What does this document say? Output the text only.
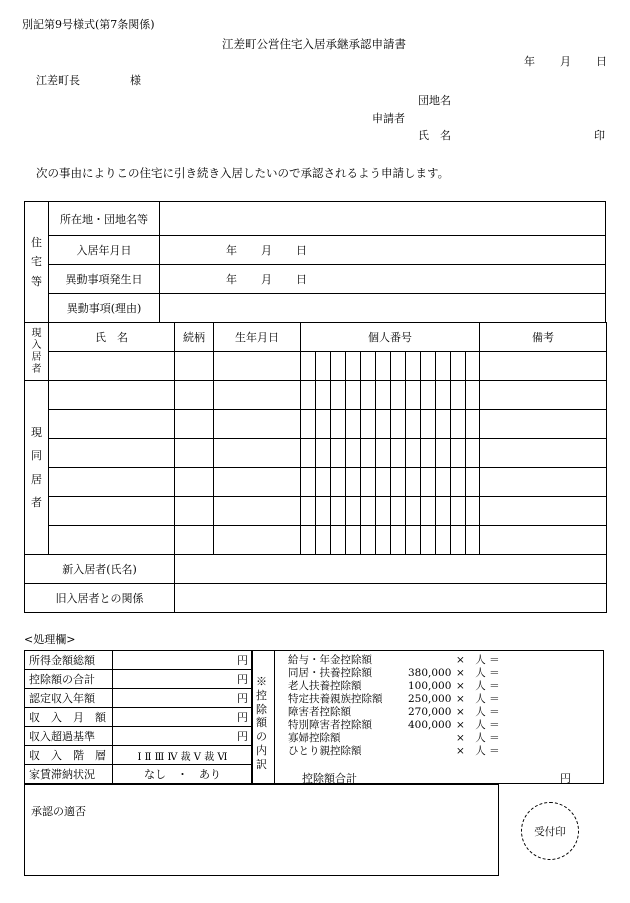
別記第9号様式(第7条関係)
江差町公営住宅入居承継承認申請書
年 月 日
江差町長	様
団地名
申請者
氏　名	印
次の事由によりこの住宅に引き続き入居したいので承認されるよう申請します。
住宅等	所在地・団地名等	
	入居年月日	年 月 日
	異動事項発生日	年 月 日
	異動事項(理由)	
現入居者	氏　名	続柄	生年月日	個人番号												備考

現同居者																

新入居者(氏名)																
旧入居者との関係																
<処理欄>
所得金額総額	円
控除額の合計	円
認定収入年額	円
収　入　月　額	円
収入超過基準	円
収　入　階　層	Ⅰ Ⅱ Ⅲ Ⅳ 裁 Ⅴ 裁 Ⅵ
家賃滞納状況	なし　・　あり
※控除額の内訳
給与・年金控除額	×　人 ＝
同居・扶養控除額	380,000 ×　人 ＝
老人扶養控除額	100,000 ×　人 ＝
特定扶養親族控除額 250,000 ×　人 ＝
障害者控除額	270,000 ×　人 ＝
特別障害者控除額	400,000 ×　人 ＝
寡婦控除額	×　人 ＝
ひとり親控除額	×　人 ＝
控除額合計	円
承認の適否
受付印
